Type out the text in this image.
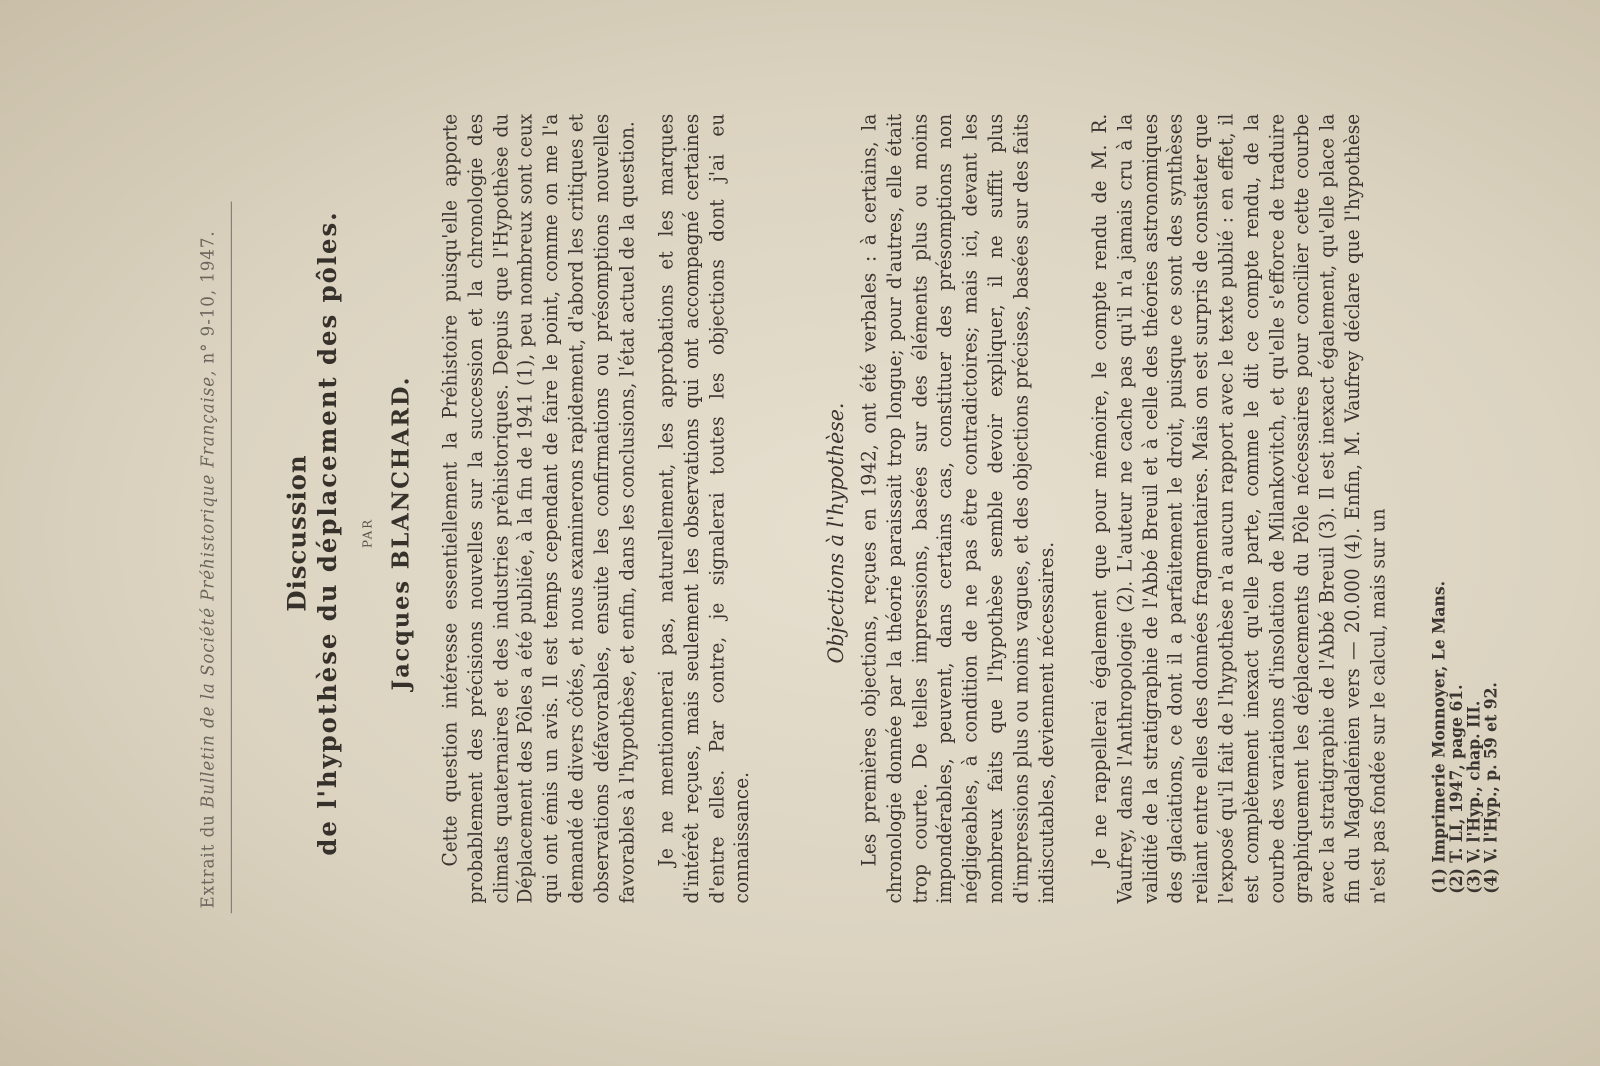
Extrait du Bulletin de la Société Préhistorique Française, n° 9-10, 1947.
Discussion de l'hypothèse du déplacement des pôles. PAR Jacques BLANCHARD. Cette question intéresse essentiellement la Préhistoire puisqu'elle apporte probablement des précisions nouvelles sur la succession et la chronologie des climats quaternaires et des industries préhistoriques. Depuis que l'Hypothèse du Déplacement des Pôles a été publiée, à la fin de 1941 (1), peu nombreux sont ceux qui ont émis un avis. Il est temps cependant de faire le point, comme on me l'a demandé de divers côtés, et nous examinerons rapidement, d'abord les critiques et observations défavorables, ensuite les confirmations ou présomptions nouvelles favorables à l'hypothèse, et enfin, dans les conclusions, l'état actuel de la question. Je ne mentionnerai pas, naturellement, les approbations et les marques d'intérêt reçues, mais seulement les observations qui ont accompagné certaines d'entre elles. Par contre, je signalerai toutes les objections dont j'ai eu connaissance.

Objections à l'hypothèse. Les premières objections, reçues en 1942, ont été verbales : à certains, la chronologie donnée par la théorie paraissait trop longue; pour d'autres, elle était trop courte. De telles impressions, basées sur des éléments plus ou moins impondérables, peuvent, dans certains cas, constituer des présomptions non négligeables, à condition de ne pas être contradictoires; mais ici, devant les nombreux faits que l'hypothèse semble devoir expliquer, il ne suffit plus d'impressions plus ou moins vagues, et des objections précises, basées sur des faits indiscutables, deviennent nécessaires. Je ne rappellerai également que pour mémoire, le compte rendu de M. R. Vaufrey, dans l'Anthropologie (2). L'auteur ne cache pas qu'il n'a jamais cru à la validité de la stratigraphie de l'Abbé Breuil et à celle des théories astronomiques des glaciations, ce dont il a parfaitement le droit, puisque ce sont des synthèses reliant entre elles des données fragmentaires. Mais on est surpris de constater que l'exposé qu'il fait de l'hypothèse n'a aucun rapport avec le texte publié : en effet, il est complètement inexact qu'elle parte, comme le dit ce compte rendu, de la courbe des variations d'insolation de Milankovitch, et qu'elle s'efforce de traduire graphiquement les déplacements du Pôle nécessaires pour concilier cette courbe avec la stratigraphie de l'Abbé Breuil (3). Il est inexact également, qu'elle place la fin du Magdalénien vers — 20.000 (4). Enfin, M. Vaufrey déclare que l'hypothèse n'est pas fondée sur le calcul, mais sur un	(1) Imprimerie Monnoyer, Le Mans.
(2) T. LI, 1947, page 61.
(3) V. l'Hyp., chap. III.
(4) V. l'Hyp., p. 59 et 92.
